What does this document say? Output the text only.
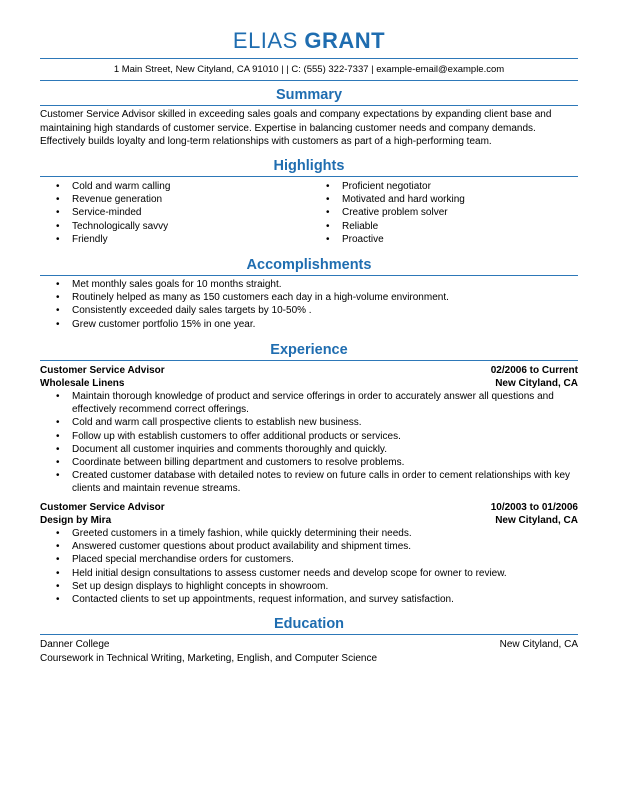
ELIAS GRANT
1 Main Street, New Cityland, CA 91010 | | C: (555) 322-7337 | example-email@example.com
Summary
Customer Service Advisor skilled in exceeding sales goals and company expectations by expanding client base and maintaining high standards of customer service. Expertise in balancing customer needs and company demands. Effectively builds loyalty and long-term relationships with customers as part of a high-performing team.
Highlights
• Cold and warm calling
• Revenue generation
• Service-minded
• Technologically savvy
• Friendly
• Proficient negotiator
• Motivated and hard working
• Creative problem solver
• Reliable
• Proactive
Accomplishments
• Met monthly sales goals for 10 months straight.
• Routinely helped as many as 150 customers each day in a high-volume environment.
• Consistently exceeded daily sales targets by 10-50% .
• Grew customer portfolio 15% in one year.
Experience
Customer Service Advisor	02/2006 to Current
Wholesale Linens	New Cityland, CA
• Maintain thorough knowledge of product and service offerings in order to accurately answer all questions and effectively recommend correct offerings.
• Cold and warm call prospective clients to establish new business.
• Follow up with establish customers to offer additional products or services.
• Document all customer inquiries and comments thoroughly and quickly.
• Coordinate between billing department and customers to resolve problems.
• Created customer database with detailed notes to review on future calls in order to cement relationships with key clients and maintain revenue streams.
Customer Service Advisor	10/2003 to 01/2006
Design by Mira	New Cityland, CA
• Greeted customers in a timely fashion, while quickly determining their needs.
• Answered customer questions about product availability and shipment times.
• Placed special merchandise orders for customers.
• Held initial design consultations to assess customer needs and develop scope for owner to review.
• Set up design displays to highlight concepts in showroom.
• Contacted clients to set up appointments, request information, and survey satisfaction.
Education
Danner College	New Cityland, CA
Coursework in Technical Writing, Marketing, English, and Computer Science
